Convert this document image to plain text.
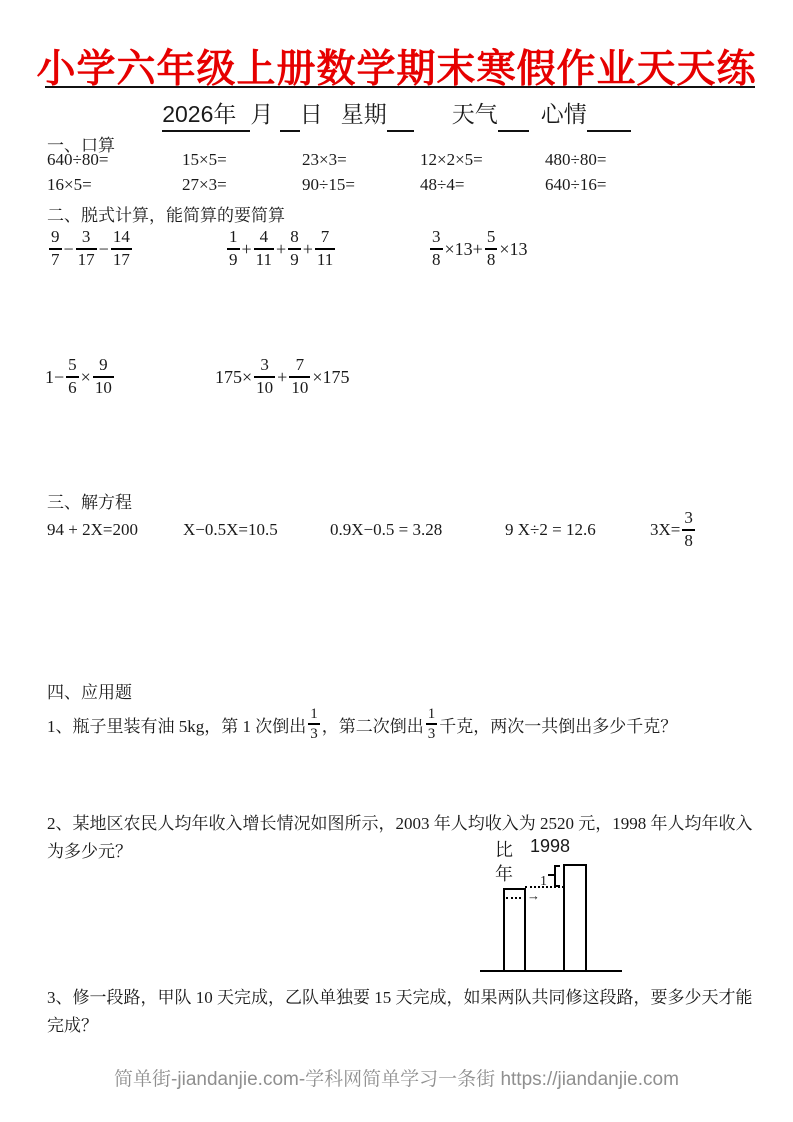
小学六年级上册数学期末寒假作业天天练
2026年 月 日 星期	天气 心情
一、口算
640÷80=	15×5=	23×3=	12×2×5=	480÷80=
16×5=	27×3=	90÷15=	48÷4=	640÷16=
二、脱式计算，能简算的要简算
$\frac{9}{7} - \frac{3}{17} - \frac{14}{17}$	$\frac{1}{9} + \frac{4}{11} + \frac{8}{9} + \frac{7}{11}$	$\frac{3}{8} \times 13+ \frac{5}{8} \times 13$
$1- \frac{5}{6} \times \frac{9}{10}$	$175\times \frac{3}{10} + \frac{7}{10} \times 175$
三、解方程
94 + 2X=200	X−0.5X=10.5	0.9X−0.5 = 3.28	9 X÷2 = 12.6	$3X= \frac{3}{8}$
四、应用题
1、瓶子里装有油 5kg，第 1 次倒出 $\frac{1}{3}$ ，第二次倒出 $\frac{1}{3}$ 千克，两次一共倒出多少千克？
2、某地区农民人均年收入增长情况如图所示，2003 年人均收入为 2520 元，1998 年人均年收入为多少元？	比 1998
年 1
→
3、修一段路，甲队 10 天完成，乙队单独要 15 天完成，如果两队共同修这段路，要多少天才能完成？
简单街-jiandanjie.com-学科网简单学习一条街 https://jiandanjie.com
